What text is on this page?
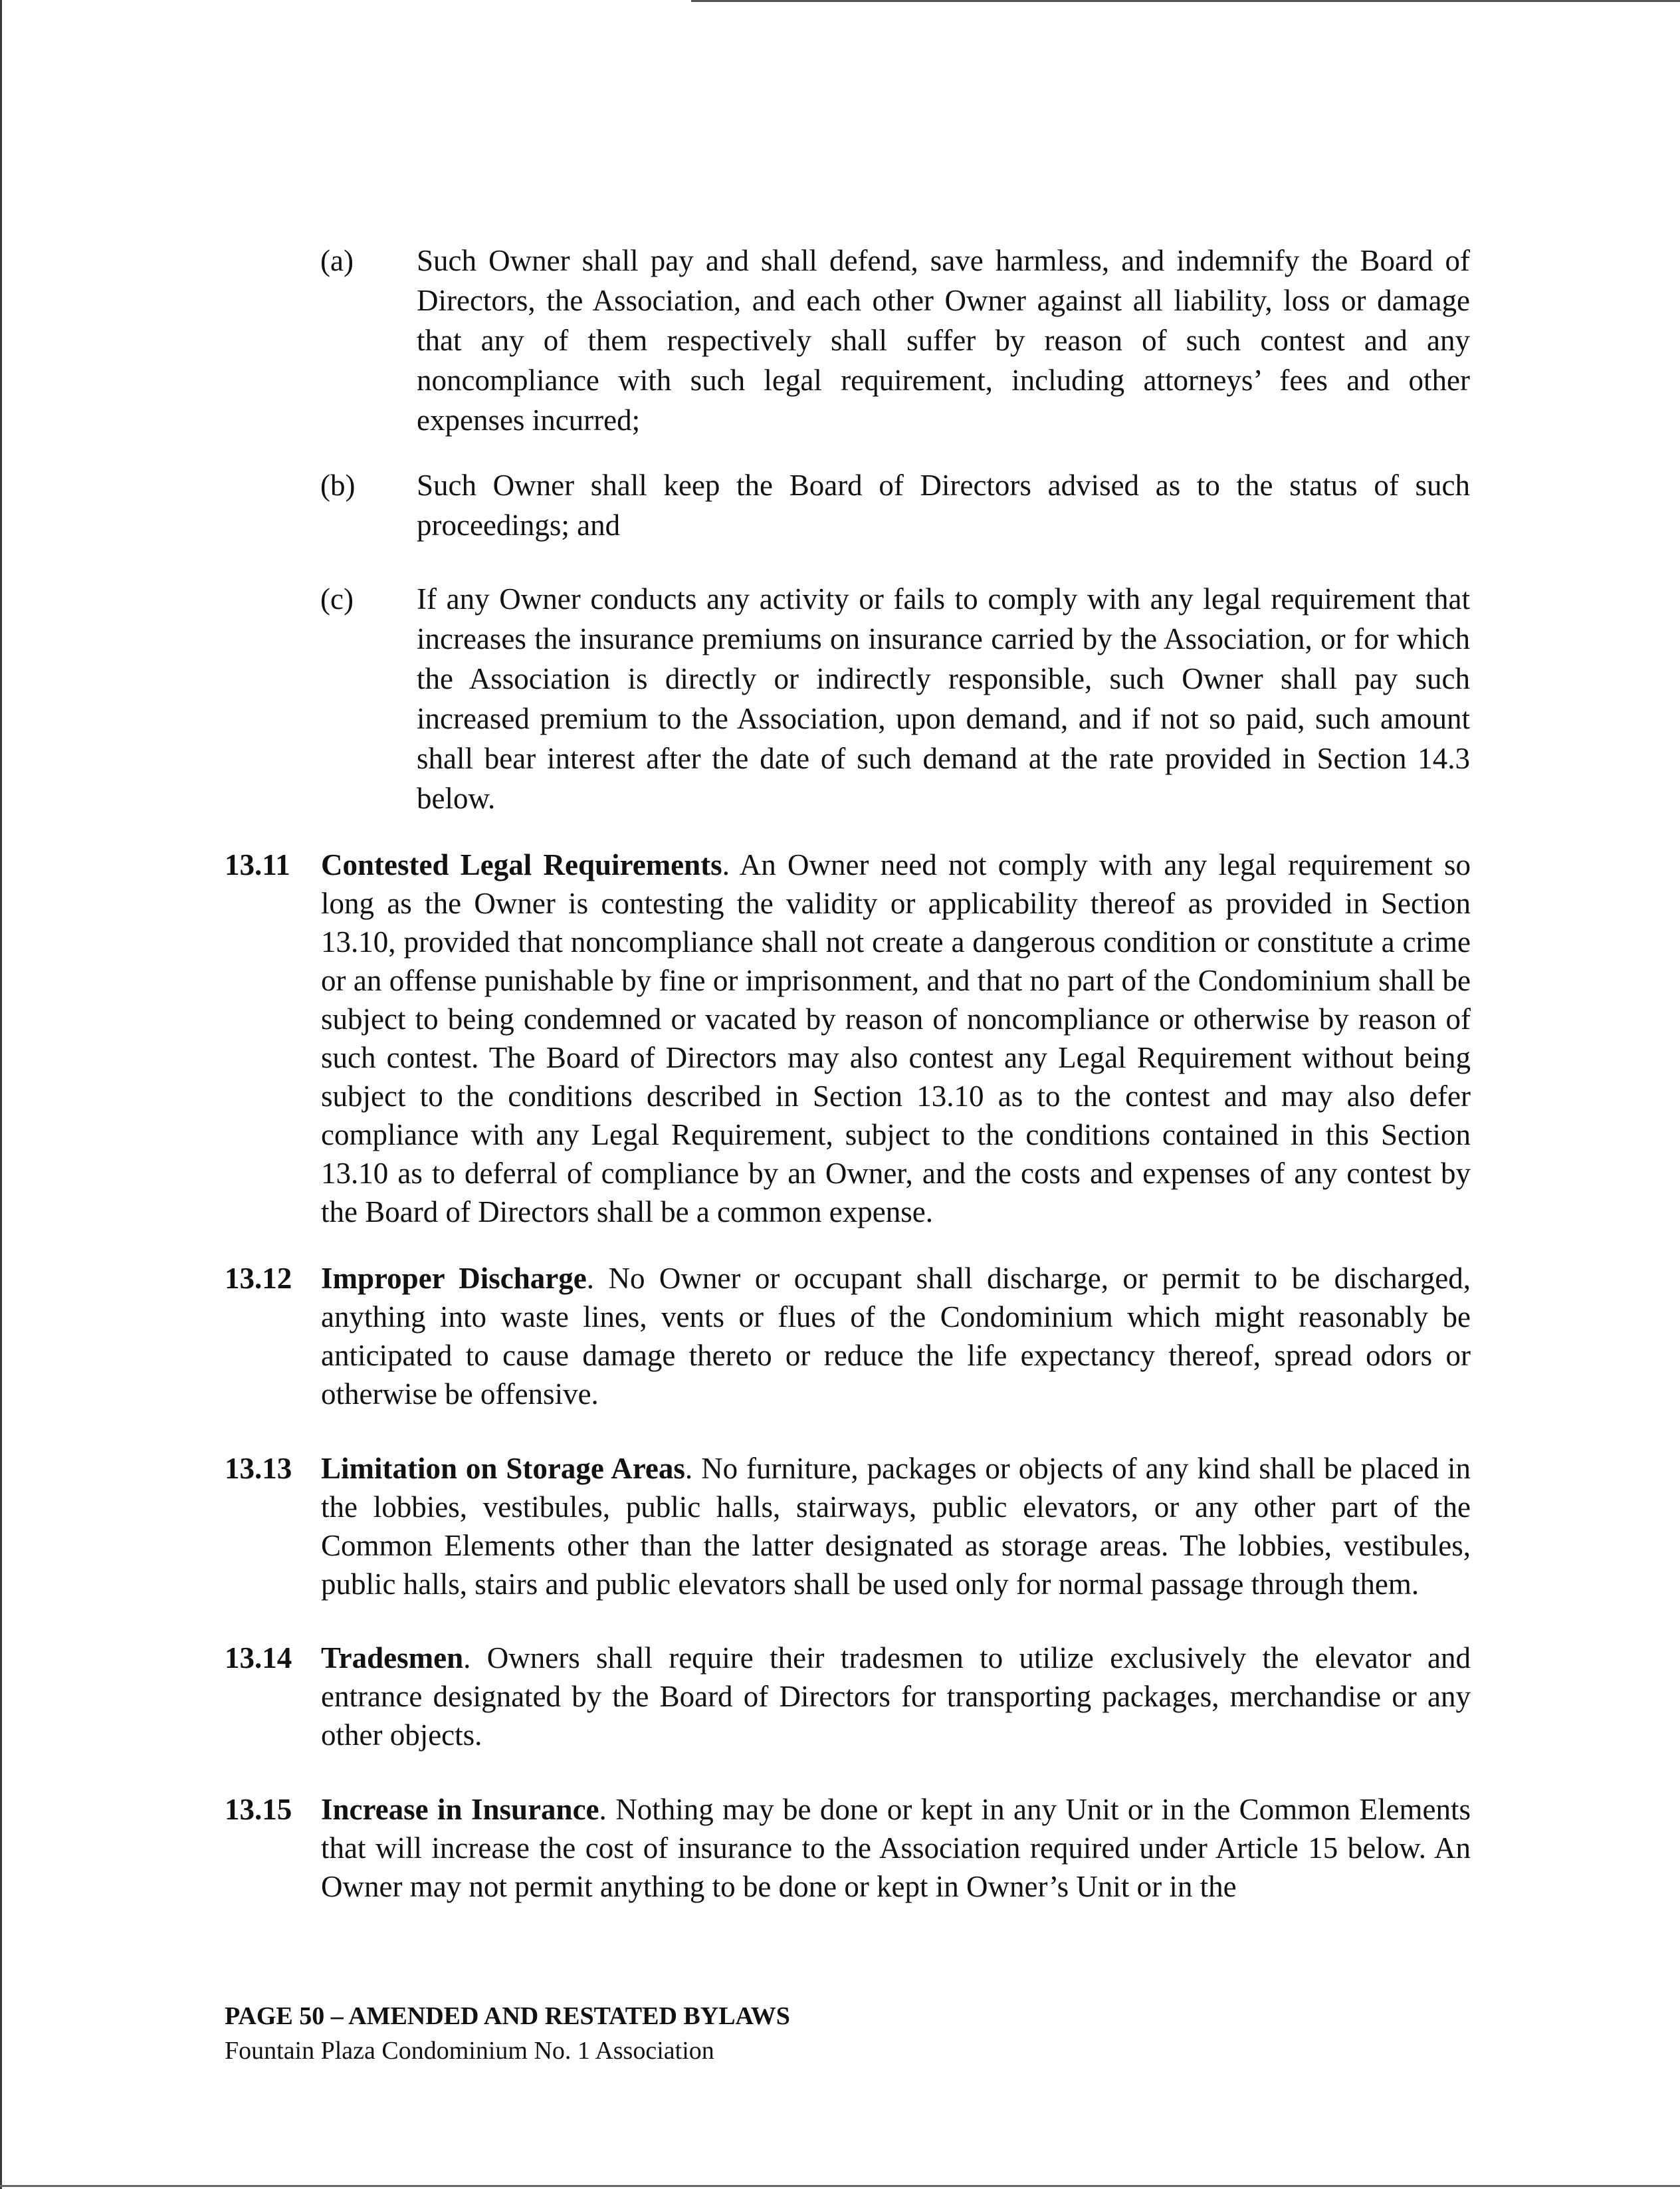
(a)	Such Owner shall pay and shall defend, save harmless, and indemnify the Board of Directors, the Association, and each other Owner against all liability, loss or damage that any of them respectively shall suffer by reason of such contest and any noncompliance with such legal requirement, including attorneys’ fees and other expenses incurred;
(b)	Such Owner shall keep the Board of Directors advised as to the status of such proceedings; and
(c)	If any Owner conducts any activity or fails to comply with any legal requirement that increases the insurance premiums on insurance carried by the Association, or for which the Association is directly or indirectly responsible, such Owner shall pay such increased premium to the Association, upon demand, and if not so paid, such amount shall bear interest after the date of such demand at the rate provided in Section 14.3 below.
13.11 Contested Legal Requirements. An Owner need not comply with any legal requirement so long as the Owner is contesting the validity or applicability thereof as provided in Section 13.10, provided that noncompliance shall not create a dangerous condition or constitute a crime or an offense punishable by fine or imprisonment, and that no part of the Condominium shall be subject to being condemned or vacated by reason of noncompliance or otherwise by reason of such contest. The Board of Directors may also contest any Legal Requirement without being subject to the conditions described in Section 13.10 as to the contest and may also defer compliance with any Legal Requirement, subject to the conditions contained in this Section 13.10 as to deferral of compliance by an Owner, and the costs and expenses of any contest by the Board of Directors shall be a common expense.
13.12 Improper Discharge. No Owner or occupant shall discharge, or permit to be discharged, anything into waste lines, vents or flues of the Condominium which might reasonably be anticipated to cause damage thereto or reduce the life expectancy thereof, spread odors or otherwise be offensive.
13.13 Limitation on Storage Areas. No furniture, packages or objects of any kind shall be placed in the lobbies, vestibules, public halls, stairways, public elevators, or any other part of the Common Elements other than the latter designated as storage areas. The lobbies, vestibules, public halls, stairs and public elevators shall be used only for normal passage through them.
13.14 Tradesmen. Owners shall require their tradesmen to utilize exclusively the elevator and entrance designated by the Board of Directors for transporting packages, merchandise or any other objects.
13.15 Increase in Insurance. Nothing may be done or kept in any Unit or in the Common Elements that will increase the cost of insurance to the Association required under Article 15 below. An Owner may not permit anything to be done or kept in Owner’s Unit or in the
PAGE 50 – AMENDED AND RESTATED BYLAWS
Fountain Plaza Condominium No. 1 Association
